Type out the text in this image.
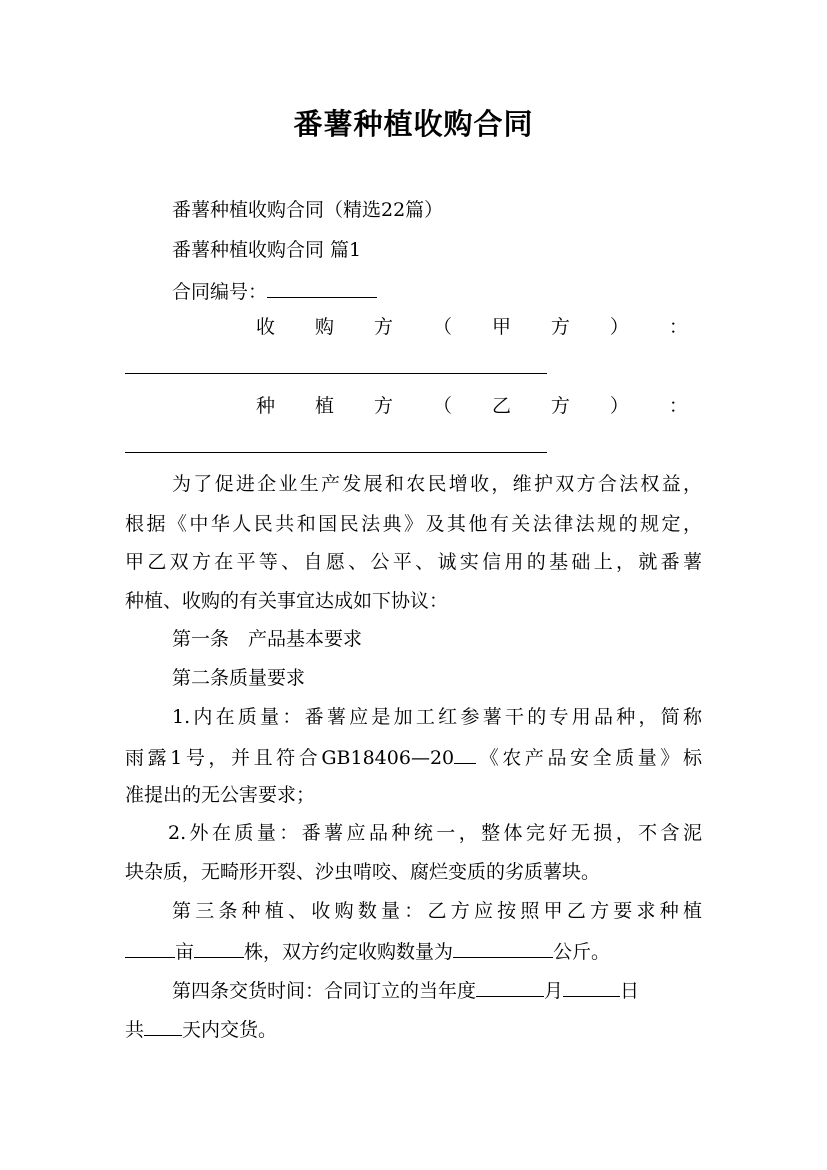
番薯种植收购合同
番薯种植收购合同（精选22篇）
番薯种植收购合同 篇1
合同编号：
收 购 方 （ 甲 方 ） ：
种 植 方 （ 乙 方 ） ：
为了促进企业生产发展和农民增收，维护双方合法权益，
根据《中华人民共和国民法典》及其他有关法律法规的规定，
甲乙双方在平等、自愿、公平、诚实信用的基础上，就番薯
种植、收购的有关事宜达成如下协议：
第一条　产品基本要求
第二条质量要求
1.内在质量：番薯应是加工红参薯干的专用品种，简称
雨露1号，并且符合GB18406—20 《农产品安全质量》标
准提出的无公害要求；
2.外在质量：番薯应品种统一，整体完好无损，不含泥
块杂质，无畸形开裂、沙虫啃咬、腐烂变质的劣质薯块。
第三条种植、收购数量：乙方应按照甲乙方要求种植
亩	株，双方约定收购数量为	公斤。
第四条交货时间：合同订立的当年度	月	日
共 天内交货。
